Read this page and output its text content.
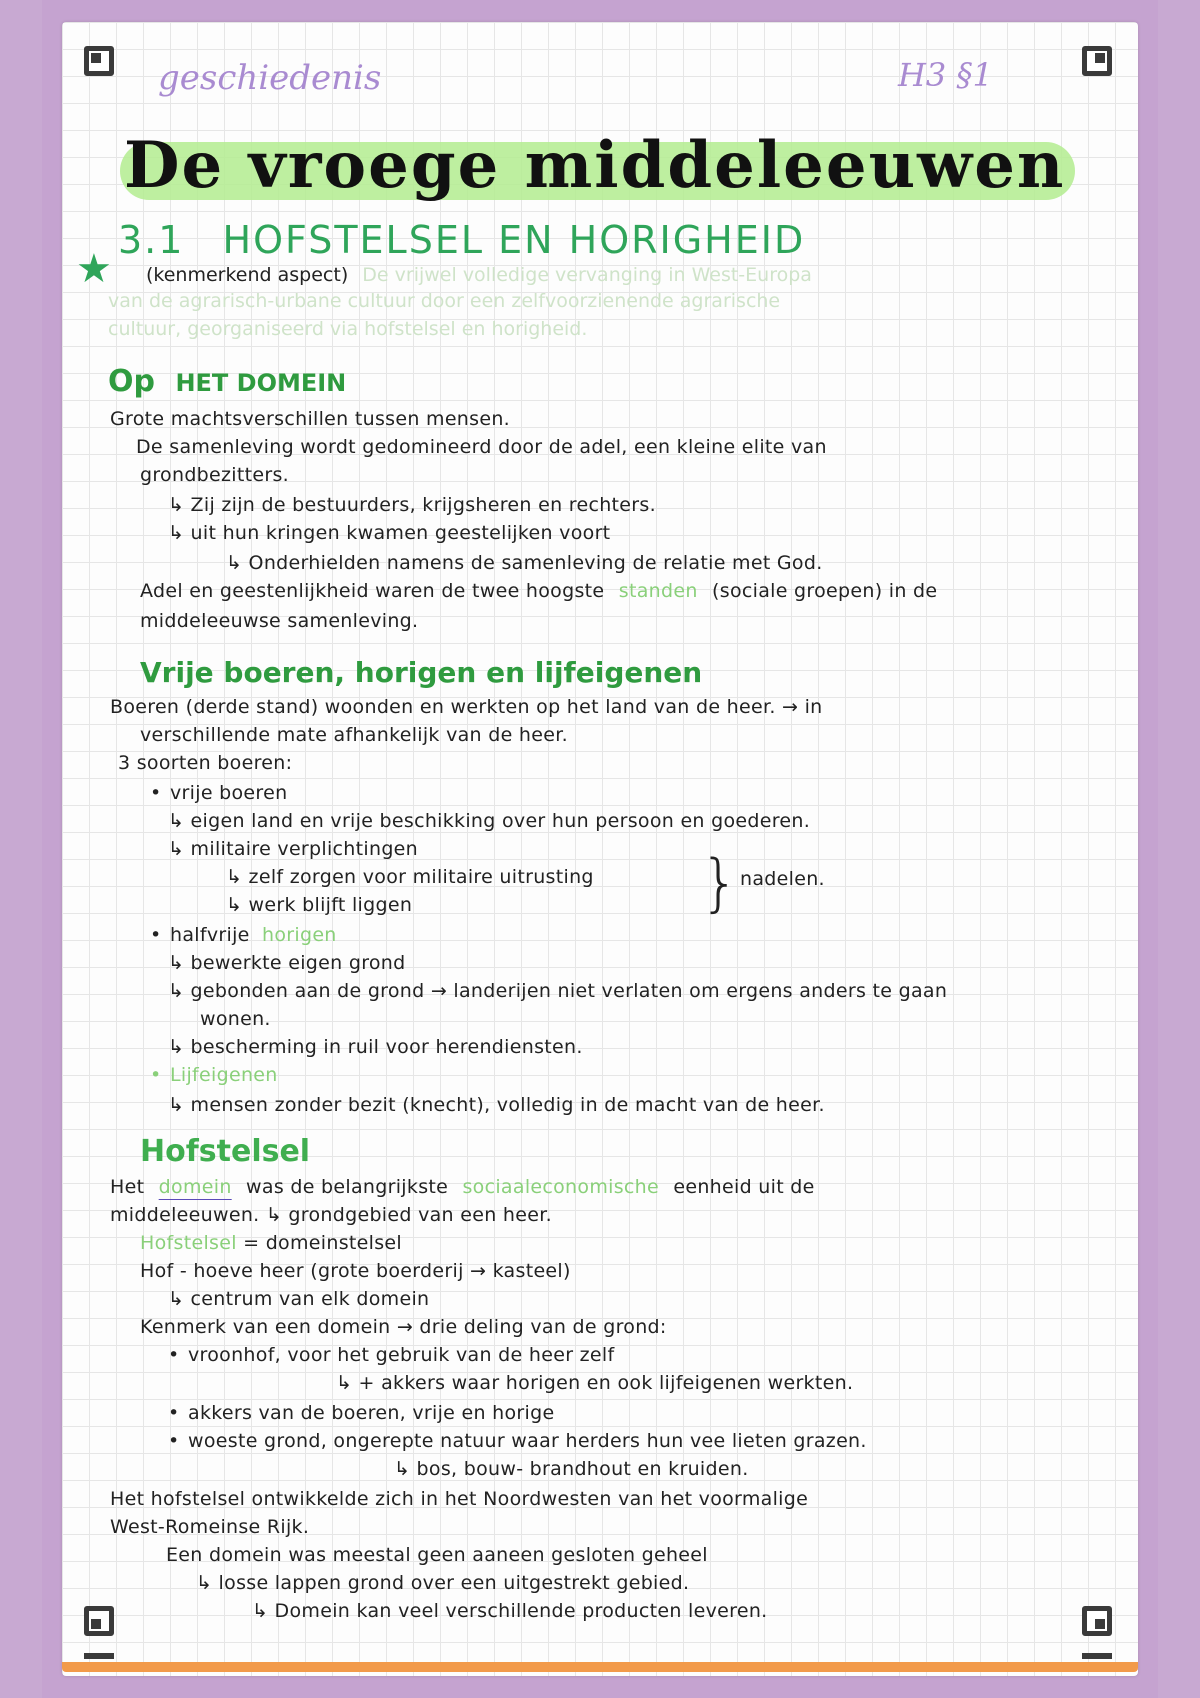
geschiedenis	H3 §1
De vroege middeleeuwen
3.1 HOFSTELSEL EN HORIGHEID
★ (kenmerkend aspect) De vrijwel volledige vervanging in West-Europa
van de agrarisch-urbane cultuur door een zelfvoorzienende agrarische
cultuur, georganiseerd via hofstelsel en horigheid.
Op HET DOMEIN
Grote machtsverschillen tussen mensen.
De samenleving wordt gedomineerd door de adel, een kleine elite van
grondbezitters.
↳ Zij zijn de bestuurders, krijgsheren en rechters.
↳ uit hun kringen kwamen geestelijken voort
↳ Onderhielden namens de samenleving de relatie met God.
Adel en geestenlijkheid waren de twee hoogste standen (sociale groepen) in de
middeleeuwse samenleving.
Vrije boeren, horigen en lijfeigenen
Boeren (derde stand) woonden en werkten op het land van de heer. → in
verschillende mate afhankelijk van de heer.
3 soorten boeren:
• vrije boeren
↳ eigen land en vrije beschikking over hun persoon en goederen.
↳ militaire verplichtingen
↳ zelf zorgen voor militaire uitrusting
↳ werk blijft liggen	} nadelen.
• halfvrije horigen
↳ bewerkte eigen grond
↳ gebonden aan de grond → landerijen niet verlaten om ergens anders te gaan
wonen.
↳ bescherming in ruil voor herendiensten.
• Lijfeigenen
↳ mensen zonder bezit (knecht), volledig in de macht van de heer.
Hofstelsel
Het domein was de belangrijkste sociaaleconomische eenheid uit de
middeleeuwen. ↳ grondgebied van een heer.
Hofstelsel = domeinstelsel
Hof - hoeve heer (grote boerderij → kasteel)
↳ centrum van elk domein
Kenmerk van een domein → drie deling van de grond:
• vroonhof, voor het gebruik van de heer zelf
↳ + akkers waar horigen en ook lijfeigenen werkten.
• akkers van de boeren, vrije en horige
• woeste grond, ongerepte natuur waar herders hun vee lieten grazen.
↳ bos, bouw- brandhout en kruiden.
Het hofstelsel ontwikkelde zich in het Noordwesten van het voormalige
West-Romeinse Rijk.
Een domein was meestal geen aaneen gesloten geheel
↳ losse lappen grond over een uitgestrekt gebied.
↳ Domein kan veel verschillende producten leveren.
